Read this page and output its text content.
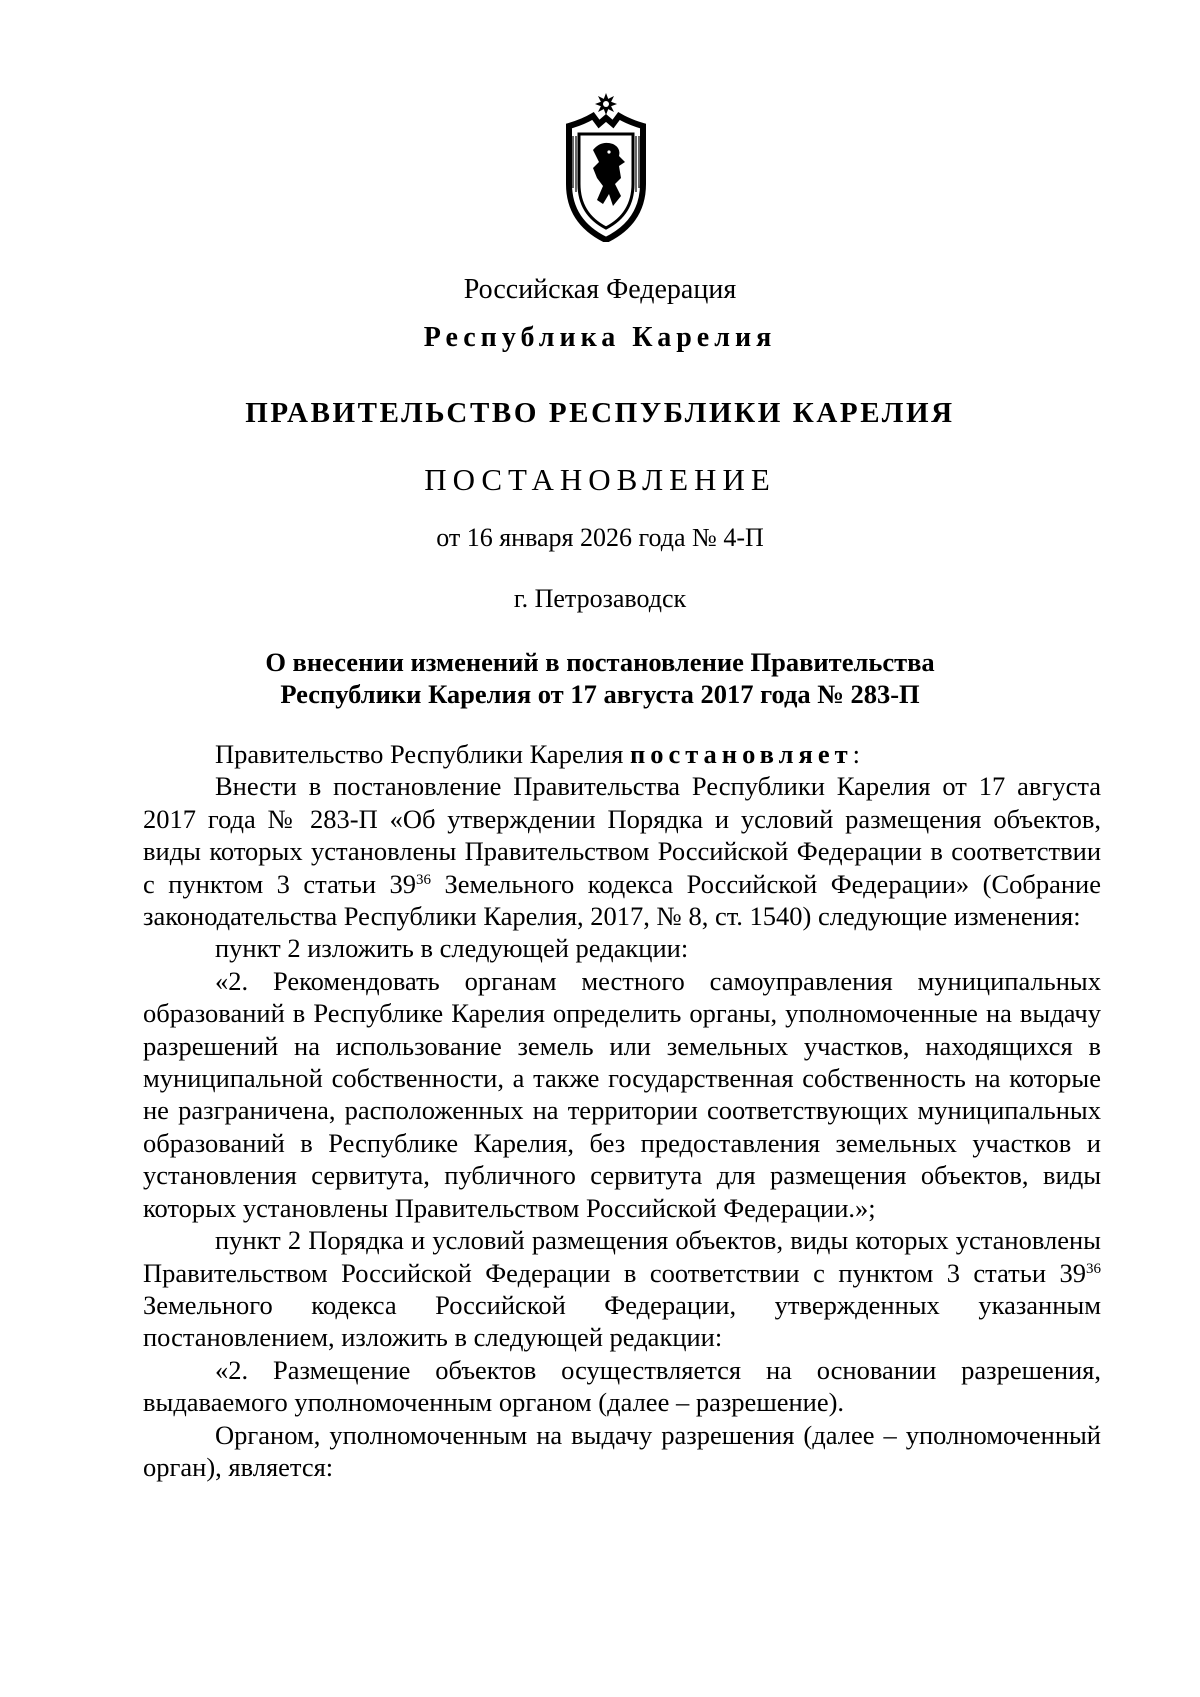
Российская Федерация
Республика Карелия
ПРАВИТЕЛЬСТВО РЕСПУБЛИКИ КАРЕЛИЯ
ПОСТАНОВЛЕНИЕ
от 16 января 2026 года № 4-П
г. Петрозаводск
О внесении изменений в постановление Правительства
Республики Карелия от 17 августа 2017 года № 283-П

Правительство Республики Карелия постановляет:

Внести в постановление Правительства Республики Карелия от 17 августа 2017 года № 283-П «Об утверждении Порядка и условий размещения объектов, виды которых установлены Правительством Российской Федерации в соответствии с пунктом 3 статьи $39^{36}$ Земельного кодекса Российской Федерации» (Собрание законодательства Республики Карелия, 2017, № 8, ст. 1540) следующие изменения:

пункт 2 изложить в следующей редакции:

«2. Рекомендовать органам местного самоуправления муниципальных образований в Республике Карелия определить органы, уполномоченные на выдачу разрешений на использование земель или земельных участков, находящихся в муниципальной собственности, а также государственная собственность на которые не разграничена, расположенных на территории соответствующих муниципальных образований в Республике Карелия, без предоставления земельных участков и установления сервитута, публичного сервитута для размещения объектов, виды которых установлены Правительством Российской Федерации.»;

пункт 2 Порядка и условий размещения объектов, виды которых установлены Правительством Российской Федерации в соответствии с пунктом 3 статьи $39^{36}$ Земельного кодекса Российской Федерации, утвержденных указанным постановлением, изложить в следующей редакции:

«2. Размещение объектов осуществляется на основании разрешения, выдаваемого уполномоченным органом (далее – разрешение).

Органом, уполномоченным на выдачу разрешения (далее – уполномоченный орган), является:
